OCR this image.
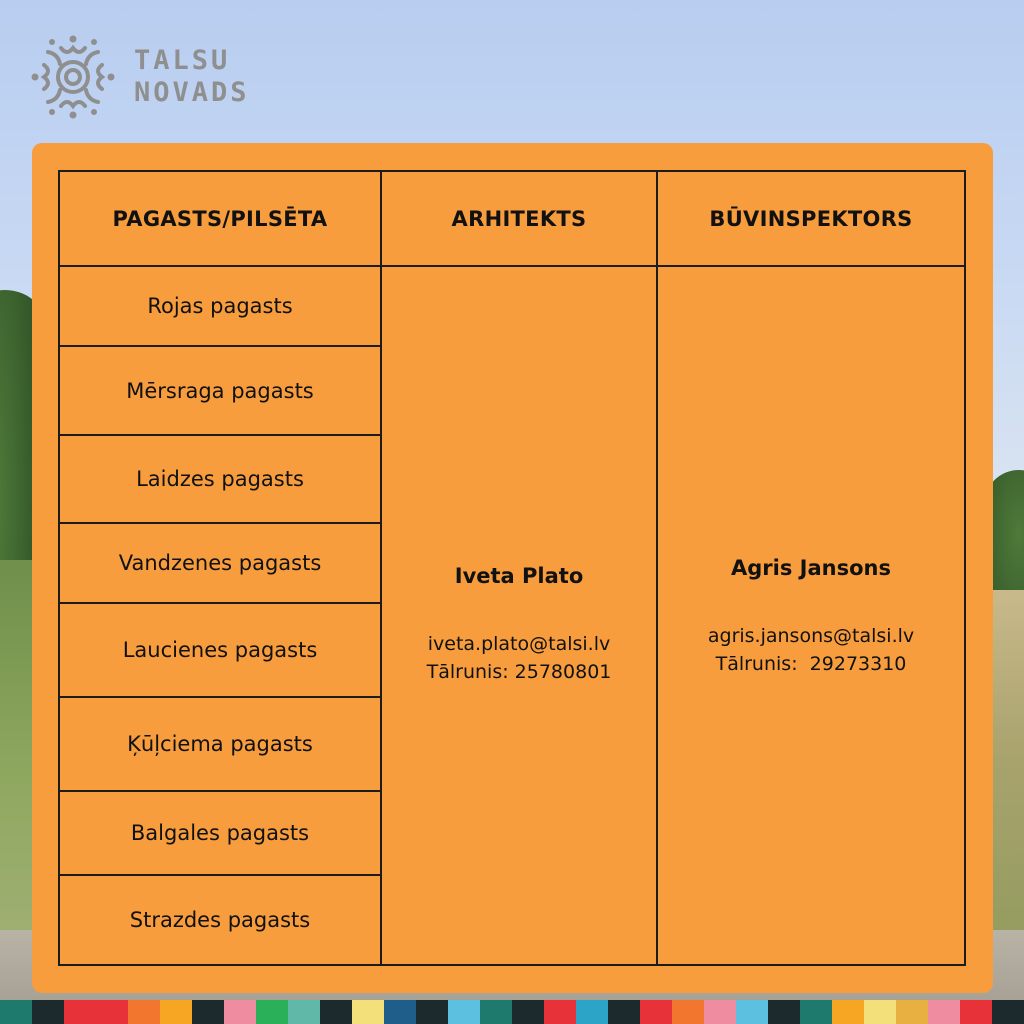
TALSU
NOVADS
PAGASTS/PILSĒTA	ARHITEKTS	BŪVINSPEKTORS
Rojas pagasts
Mērsraga pagasts
Laidzes pagasts
Vandzenes pagasts
Laucienes pagasts
Ķūļciema pagasts
Balgales pagasts
Strazdes pagasts
Iveta Plato
iveta.plato@talsi.lv
Tālrunis: 25780801
Agris Jansons
agris.jansons@talsi.lv
Tālrunis:  29273310
